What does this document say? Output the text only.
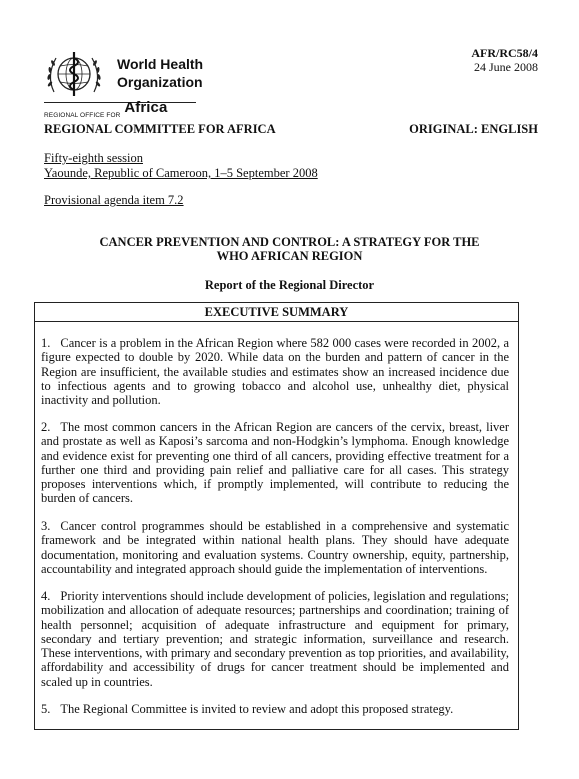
World Health
Organization
REGIONAL OFFICE FOR Africa
AFR/RC58/4
24 June 2008
REGIONAL COMMITTEE FOR AFRICA	ORIGINAL: ENGLISH
Fifty-eighth session
Yaounde, Republic of Cameroon, 1–5 September 2008
Provisional agenda item 7.2
CANCER PREVENTION AND CONTROL: A STRATEGY FOR THE
WHO AFRICAN REGION
Report of the Regional Director
EXECUTIVE SUMMARY
1. Cancer is a problem in the African Region where 582 000 cases were recorded in 2002, a figure expected to double by 2020. While data on the burden and pattern of cancer in the Region are insufficient, the available studies and estimates show an increased incidence due to infectious agents and to growing tobacco and alcohol use, unhealthy diet, physical inactivity and pollution.
2. The most common cancers in the African Region are cancers of the cervix, breast, liver and prostate as well as Kaposi’s sarcoma and non-Hodgkin’s lymphoma. Enough knowledge and evidence exist for preventing one third of all cancers, providing effective treatment for a further one third and providing pain relief and palliative care for all cases. This strategy proposes interventions which, if promptly implemented, will contribute to reducing the burden of cancers.
3. Cancer control programmes should be established in a comprehensive and systematic framework and be integrated within national health plans. They should have adequate documentation, monitoring and evaluation systems. Country ownership, equity, partnership, accountability and integrated approach should guide the implementation of interventions.
4. Priority interventions should include development of policies, legislation and regulations; mobilization and allocation of adequate resources; partnerships and coordination; training of health personnel; acquisition of adequate infrastructure and equipment for primary, secondary and tertiary prevention; and strategic information, surveillance and research. These interventions, with primary and secondary prevention as top priorities, and availability, affordability and accessibility of drugs for cancer treatment should be implemented and scaled up in countries.
5. The Regional Committee is invited to review and adopt this proposed strategy.
